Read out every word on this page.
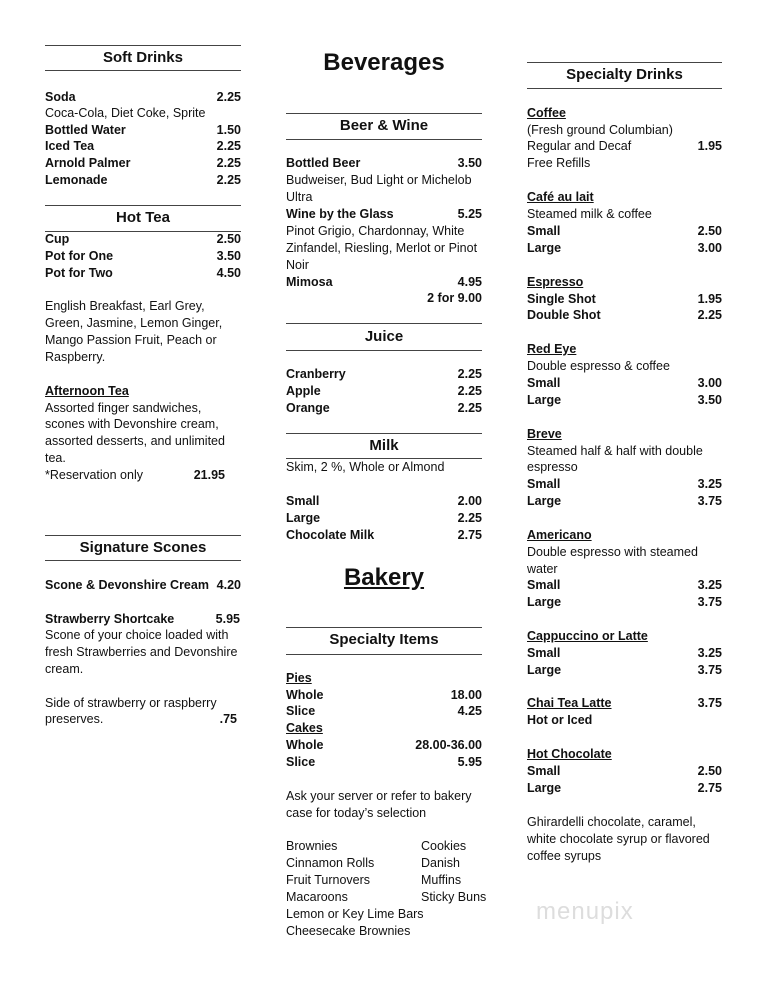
Soft Drinks
Soda	2.25
Coca-Cola, Diet Coke, Sprite
Bottled Water	1.50
Iced Tea	2.25
Arnold Palmer	2.25
Lemonade	2.25
Hot Tea
Cup	2.50
Pot for One	3.50
Pot for Two	4.50
English Breakfast, Earl Grey,
Green, Jasmine, Lemon Ginger,
Mango Passion Fruit, Peach or
Raspberry.
Afternoon Tea
Assorted finger sandwiches,
scones with Devonshire cream,
assorted desserts, and unlimited
tea.
*Reservation only	21.95
Signature Scones
Scone & Devonshire Cream 4.20
Strawberry Shortcake	5.95
Scone of your choice loaded with
fresh Strawberries and Devonshire
cream.
Side of strawberry or raspberry
preserves.	.75
Beverages
Beer & Wine
Bottled Beer	3.50
Budweiser, Bud Light or Michelob
Ultra
Wine by the Glass	5.25
Pinot Grigio, Chardonnay, White
Zinfandel, Riesling, Merlot or Pinot
Noir
Mimosa	4.95
2 for 9.00
Juice
Cranberry	2.25
Apple	2.25
Orange	2.25
Milk
Skim, 2 %, Whole or Almond
Small	2.00
Large	2.25
Chocolate Milk	2.75
Bakery
Specialty Items
Pies
Whole	18.00
Slice	4.25
Cakes
Whole	28.00-36.00
Slice	5.95
Ask your server or refer to bakery
case for today’s selection
Brownies	Cookies
Cinnamon Rolls	Danish
Fruit Turnovers	Muffins
Macaroons	Sticky Buns
Lemon or Key Lime Bars
Cheesecake Brownies
Specialty Drinks
Coffee
(Fresh ground Columbian)
Regular and Decaf	1.95
Free Refills
Café au lait
Steamed milk & coffee
Small	2.50
Large	3.00
Espresso
Single Shot	1.95
Double Shot	2.25
Red Eye
Double espresso & coffee
Small	3.00
Large	3.50
Breve
Steamed half & half with double
espresso
Small	3.25
Large	3.75
Americano
Double espresso with steamed
water
Small	3.25
Large	3.75
Cappuccino or Latte
Small	3.25
Large	3.75
Chai Tea Latte	3.75
Hot or Iced
Hot Chocolate
Small	2.50
Large	2.75
Ghirardelli chocolate, caramel,
white chocolate syrup or flavored
coffee syrups
menupix
